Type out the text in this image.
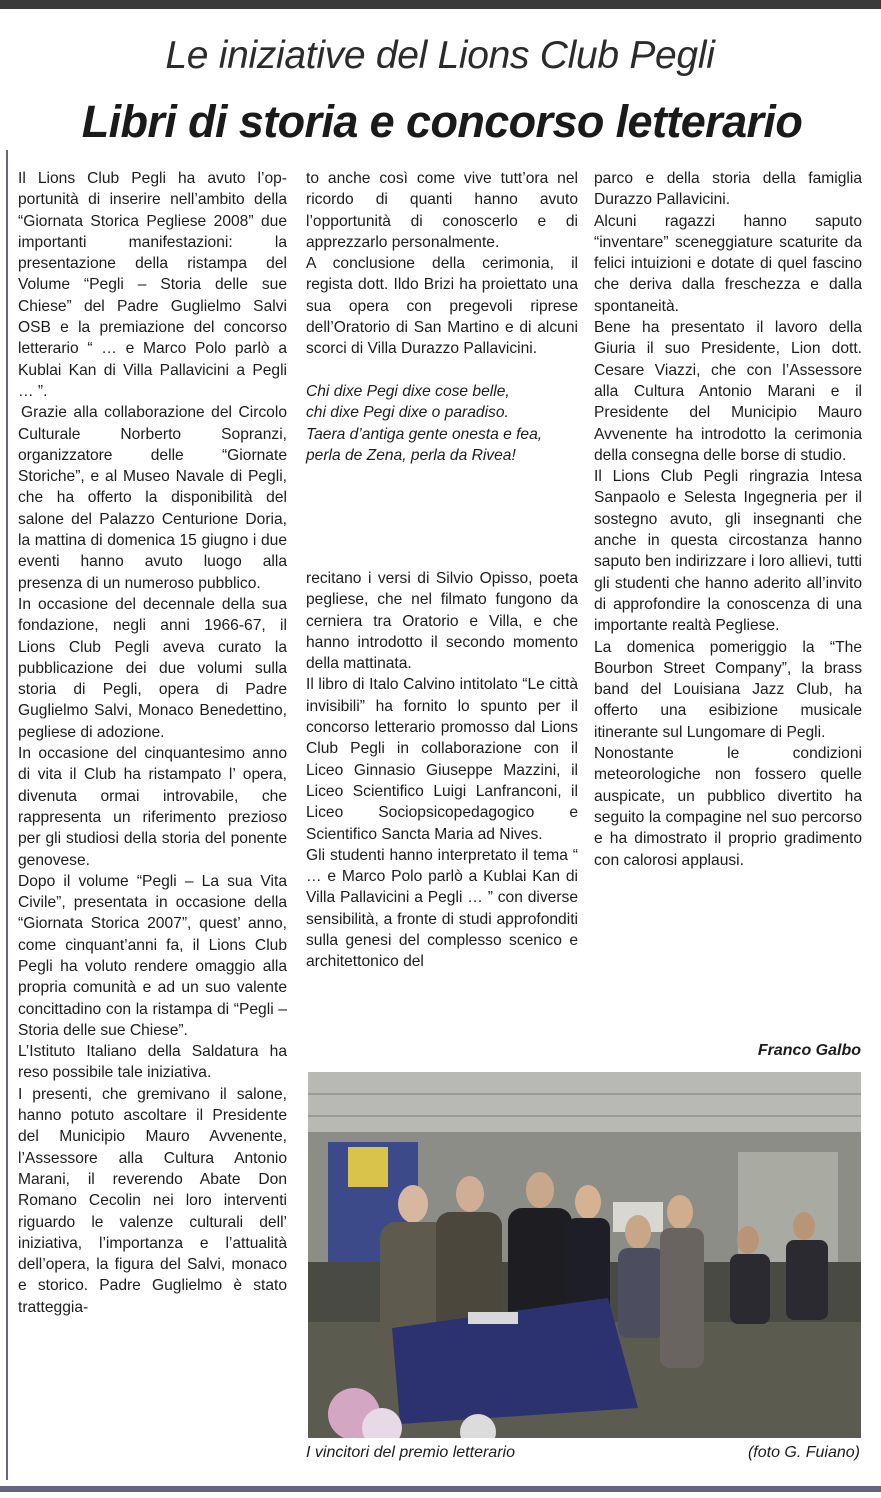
Le iniziative del Lions Club Pegli
Libri di storia e concorso letterario

Il Lions Club Pegli ha avuto l’op-portunità di inserire nell’ambito della “Giornata Storica Pegliese 2008” due importanti manifestazioni: la presentazione della ristampa del Volume “Pegli – Storia delle sue Chiese” del Padre Guglielmo Salvi OSB e la premiazione del concorso letterario “ … e Marco Polo parlò a Kublai Kan di Villa Pallavicini a Pegli … ”.

Grazie alla collaborazione del Circolo Culturale Norberto Sopranzi, organizzatore delle “Giornate Storiche”, e al Museo Navale di Pegli, che ha offerto la disponibilità del salone del Palazzo Centurione Doria, la mattina di domenica 15 giugno i due eventi hanno avuto luogo alla presenza di un numeroso pubblico.

In occasione del decennale della sua fondazione, negli anni 1966-67, il Lions Club Pegli aveva curato la pubblicazione dei due volumi sulla storia di Pegli, opera di Padre Guglielmo Salvi, Monaco Benedettino, pegliese di adozione.

In occasione del cinquantesimo anno di vita il Club ha ristampato l’ opera, divenuta ormai introvabile, che rappresenta un riferimento prezioso per gli studiosi della storia del ponente genovese.

Dopo il volume “Pegli – La sua Vita Civile”, presentata in occasione della “Giornata Storica 2007”, quest’ anno, come cinquant’anni fa, il Lions Club Pegli ha voluto rendere omaggio alla propria comunità e ad un suo valente concittadino con la ristampa di “Pegli – Storia delle sue Chiese”.

L’Istituto Italiano della Saldatura ha reso possibile tale iniziativa.

I presenti, che gremivano il salone, hanno potuto ascoltare il Presidente del Municipio Mauro Avvenente, l’Assessore alla Cultura Antonio Marani, il reverendo Abate Don Romano Cecolin nei loro interventi riguardo le valenze culturali dell’ iniziativa, l’importanza e l’attualità dell’opera, la figura del Salvi, monaco e storico. Padre Guglielmo è stato tratteggia-

to anche così come vive tutt’ora nel ricordo di quanti hanno avuto l’opportunità di conoscerlo e di apprezzarlo personalmente.

A conclusione della cerimonia, il regista dott. Ildo Brizi ha proiettato una sua opera con pregevoli riprese dell’Oratorio di San Martino e di alcuni scorci di Villa Durazzo Pallavicini.

Chi dixe Pegi dixe cose belle,

chi dixe Pegi dixe o paradiso.

Taera d’antiga gente onesta e fea,

perla de Zena, perla da Rivea!

recitano i versi di Silvio Opisso, poeta pegliese, che nel filmato fungono da cerniera tra Oratorio e Villa, e che hanno introdotto il secondo momento della mattinata.

Il libro di Italo Calvino intitolato “Le città invisibili” ha fornito lo spunto per il concorso letterario promosso dal Lions Club Pegli in collaborazione con il Liceo Ginnasio Giuseppe Mazzini, il Liceo Scientifico Luigi Lanfranconi, il Liceo Sociopsicopedagogico e Scientifico Sancta Maria ad Nives.

Gli studenti hanno interpretato il tema “ … e Marco Polo parlò a Kublai Kan di Villa Pallavicini a Pegli … ” con diverse sensibilità, a fronte di studi approfonditi sulla genesi del complesso scenico e architettonico del

parco e della storia della famiglia Durazzo Pallavicini.

Alcuni ragazzi hanno saputo “inventare” sceneggiature scaturite da felici intuizioni e dotate di quel fascino che deriva dalla freschezza e dalla spontaneità.

Bene ha presentato il lavoro della Giuria il suo Presidente, Lion dott. Cesare Viazzi, che con l’Assessore alla Cultura Antonio Marani e il Presidente del Municipio Mauro Avvenente ha introdotto la cerimonia della consegna delle borse di studio.

Il Lions Club Pegli ringrazia Intesa Sanpaolo e Selesta Ingegneria per il sostegno avuto, gli insegnanti che anche in questa circostanza hanno saputo ben indirizzare i loro allievi, tutti gli studenti che hanno aderito all’invito di approfondire la conoscenza di una importante realtà Pegliese.

La domenica pomeriggio la “The Bourbon Street Company”, la brass band del Louisiana Jazz Club, ha offerto una esibizione musicale itinerante sul Lungomare di Pegli.

Nonostante le condizioni meteorologiche non fossero quelle auspicate, un pubblico divertito ha seguito la compagine nel suo percorso e ha dimostrato il proprio gradimento con calorosi applausi.

Franco Galbo
I vincitori del premio letterario	(foto G. Fuiano)
